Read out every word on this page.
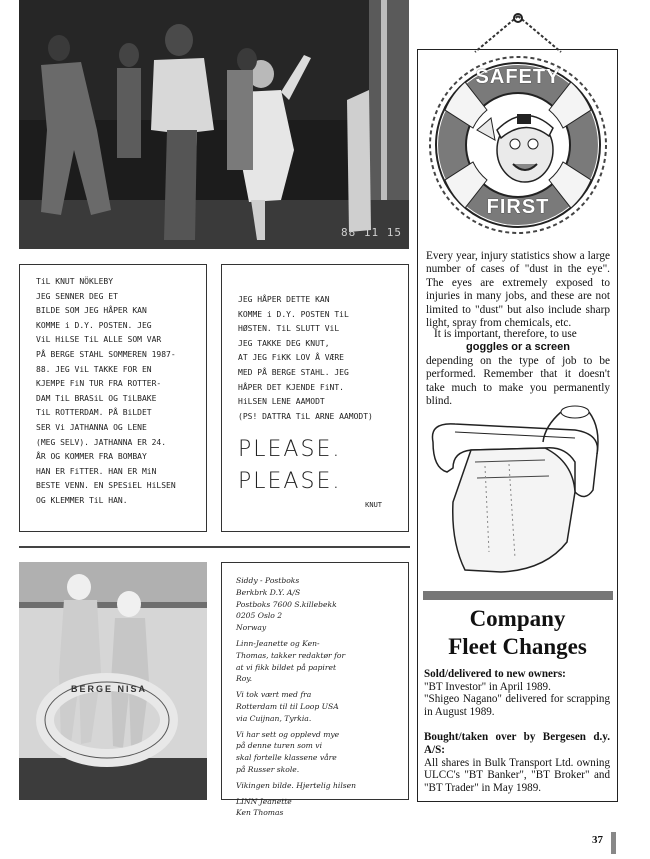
88 11 15
TiL KNUT NÖKLEBY
JEG SENNER DEG ET
BILDE SOM JEG HÅPER KAN
KOMME i D.Y. POSTEN. JEG
ViL HiLSE TiL ALLE SOM VAR
PÅ BERGE STAHL SOMMEREN 1987-
88. JEG ViL TAKKE FOR EN
KJEMPE FiN TUR FRA ROTTER-
DAM TiL BRASiL OG TiLBAKE
TiL ROTTERDAM. PÅ BiLDET
SER Vi JATHANNA OG LENE
(MEG SELV). JATHANNA ER 24.
ÅR OG KOMMER FRA BOMBAY
HAN ER FiTTER. HAN ER MiN
BESTE VENN. EN SPESiEL HiLSEN
OG KLEMMER TiL HAN.
JEG HÅPER DETTE KAN
KOMME i D.Y. POSTEN TiL
HØSTEN. TiL SLUTT ViL
JEG TAKKE DEG KNUT,
AT JEG FiKK LOV Å VÆRE
MED PÅ BERGE STAHL. JEG
HÅPER DET KJENDE FiNT.
HiLSEN LENE AAMODT
(PS! DATTRA TiL ARNE AAMODT)
PLEASE.
PLEASE.
KNUT
BERGE NISA
Siddy - Postboks
Berkbrk D.Y. A/S
Postboks 7600 S.killebekk
0205 Oslo 2
Norway
Linn-Jeanette og Ken-
Thomas, takker redaktør for
at vi fikk bildet på papiret
Roy.
Vi tok vært med fra
Rotterdam til til Loop USA
via Cuijnan, Tyrkia.
Vi har sett og opplevd mye
på denne turen som vi
skal fortelle klassene våre
på Russer skole.
Vikingen bilde. Hjertelig hilsen
LINN Jeanette
Ken Thomas
SAFETY
FIRST
Every year, injury statistics show a large number of cases of "dust in the eye". The eyes are extremely exposed to injuries in many jobs, and these are not limited to "dust" but also include sharp light, spray from chemicals, etc.
It is important, therefore, to use
goggles or a screen
depending on the type of job to be performed. Remember that it doesn't take much to make you permanently blind.
Company
Fleet Changes
Sold/delivered to new owners:
"BT Investor" in April 1989.
"Shigeo Nagano" delivered for scrapping in August 1989.
Bought/taken over by Bergesen d.y. A/S:
All shares in Bulk Transport Ltd. owning ULCC's "BT Banker", "BT Broker" and "BT Trader" in May 1989.
37
